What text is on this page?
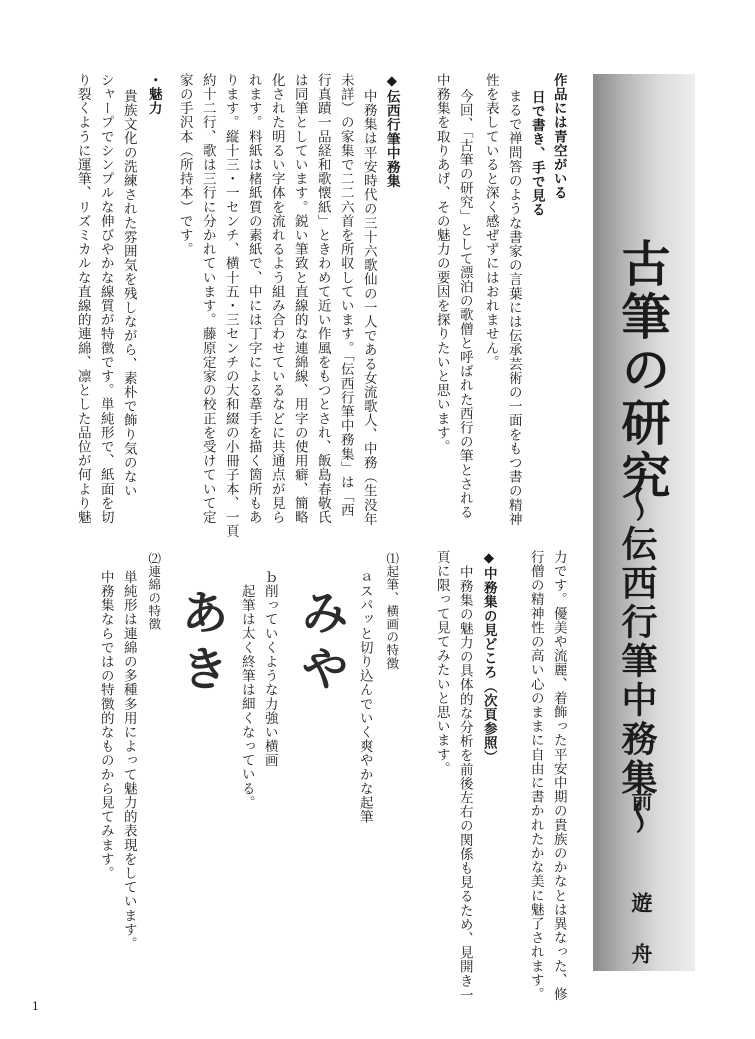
古筆の研究
〜伝西行筆中務集〜
前　遊舟
作品には青空がいる
日で書き、手で見る
まるで禅問答のような書家の言葉には伝承芸術の一面をもつ書の精神
性を表していると深く感ぜずにはおれません。
今回、「古筆の研究」として漂泊の歌僧と呼ばれた西行の筆とされる
中務集を取りあげ、その魅力の要因を探りたいと思います。
◆伝西行筆中務集
中務集は平安時代の三十六歌仙の一人である女流歌人、中務（生没年
未詳）の家集で二二六首を所収しています。「伝西行筆中務集」は「西
行真蹟一品経和歌懐紙」ときわめて近い作風をもつとされ、飯島春敬氏
は同筆としています。鋭い筆致と直線的な連綿線、用字の使用癖、簡略
化された明るい字体を流れるよう組み合わせているなどに共通点が見ら
れます。料紙は楮紙質の素紙で、中には丁字による葦手を描く箇所もあ
ります。縦十三・一センチ、横十五・三センチの大和綴の小冊子本、一頁
約十二行、歌は三行に分かれています。藤原定家の校正を受けていて定
家の手沢本（所持本）です。
・魅力
貴族文化の洗練された雰囲気を残しながら、素朴で飾り気のない
シャープでシンプルな伸びやかな線質が特徴です。単純形で、紙面を切
り裂くように運筆、リズミカルな直線的連綿、凛とした品位が何より魅
力です。優美や流麗、着飾った平安中期の貴族のかなとは異なった、修
行僧の精神性の高い心のままに自由に書かれたかな美に魅了されます。
◆中務集の見どころ（次頁参照）
中務集の魅力の具体的な分析を前後左右の関係も見るため、見開き一
頁に限って見てみたいと思います。
⑴起筆、横画の特徴
ａスパッと切り込んでいく爽やかな起筆
ｂ削っていくような力強い横画
起筆は太く終筆は細くなっている。 み
や
あ
き
⑵連綿の特徴
単純形は連綿の多種多用によって魅力的表現をしています。
中務集ならではの特徴的なものから見てみます。
1
